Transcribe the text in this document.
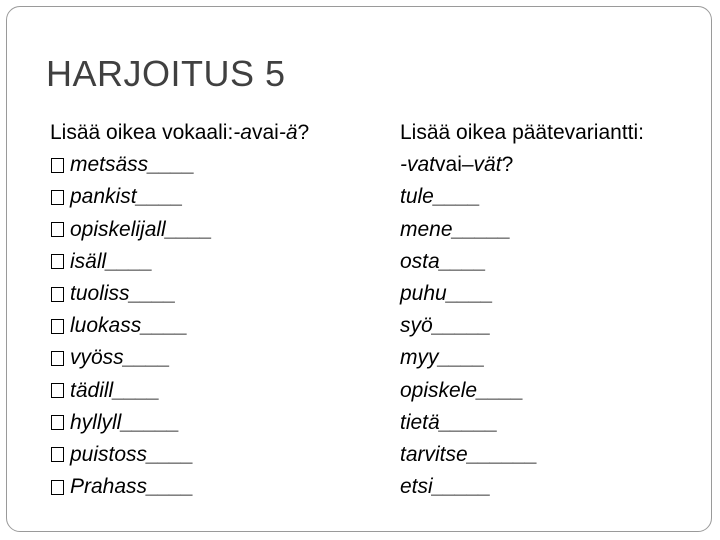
HARJOITUS 5
Lisää oikea vokaali: -a vai -ä ?
metsäss____
pankist____
opiskelijall____
isäll____
tuoliss____
luokass____
vyöss____
tädill____
hyllyll_____
puistoss____
Prahass____
Lisää oikea päätevariantti:
-vat vai –vät ?
tule____
mene_____
osta____
puhu____
syö_____
myy____
opiskele____
tietä_____
tarvitse______
etsi_____
